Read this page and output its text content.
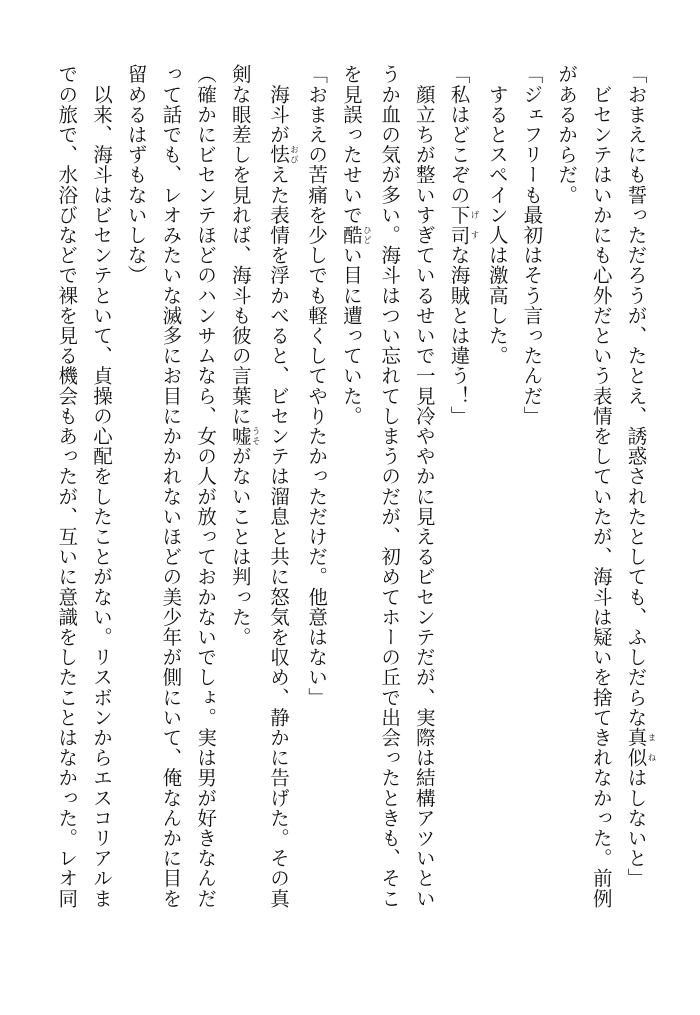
「おまえにも誓っただろうが、たとえ、誘惑されたとしても、ふしだらな真似まねはしないと」
　ビセンテはいかにも心外だという表情をしていたが、海斗は疑いを捨てきれなかった。前例
があるからだ。
「ジェフリーも最初はそう言ったんだ」
　するとスペイン人は激高した。
「私はどこぞの下司げすな海賊とは違う！」
　顔立ちが整いすぎているせいで一見冷ややかに見えるビセンテだが、実際は結構アツいとい
うか血の気が多い。海斗はつい忘れてしまうのだが、初めてホーの丘で出会ったときも、そこ
を見誤ったせいで酷ひどい目に遭っていた。
「おまえの苦痛を少しでも軽くしてやりたかっただけだ。他意はない」
　海斗が怯おびえた表情を浮かべると、ビセンテは溜息と共に怒気を収め、静かに告げた。その真
剣な眼差しを見れば、海斗も彼の言葉に嘘うそがないことは判った。
（確かにビセンテほどのハンサムなら、女の人が放っておかないでしょ。実は男が好きなんだ
って話でも、レオみたいな滅多にお目にかかれないほどの美少年が側にいて、俺なんかに目を
留めるはずもないしな）
　以来、海斗はビセンテといて、貞操の心配をしたことがない。リスボンからエスコリアルま
での旅で、水浴びなどで裸を見る機会もあったが、互いに意識をしたことはなかった。レオ同
